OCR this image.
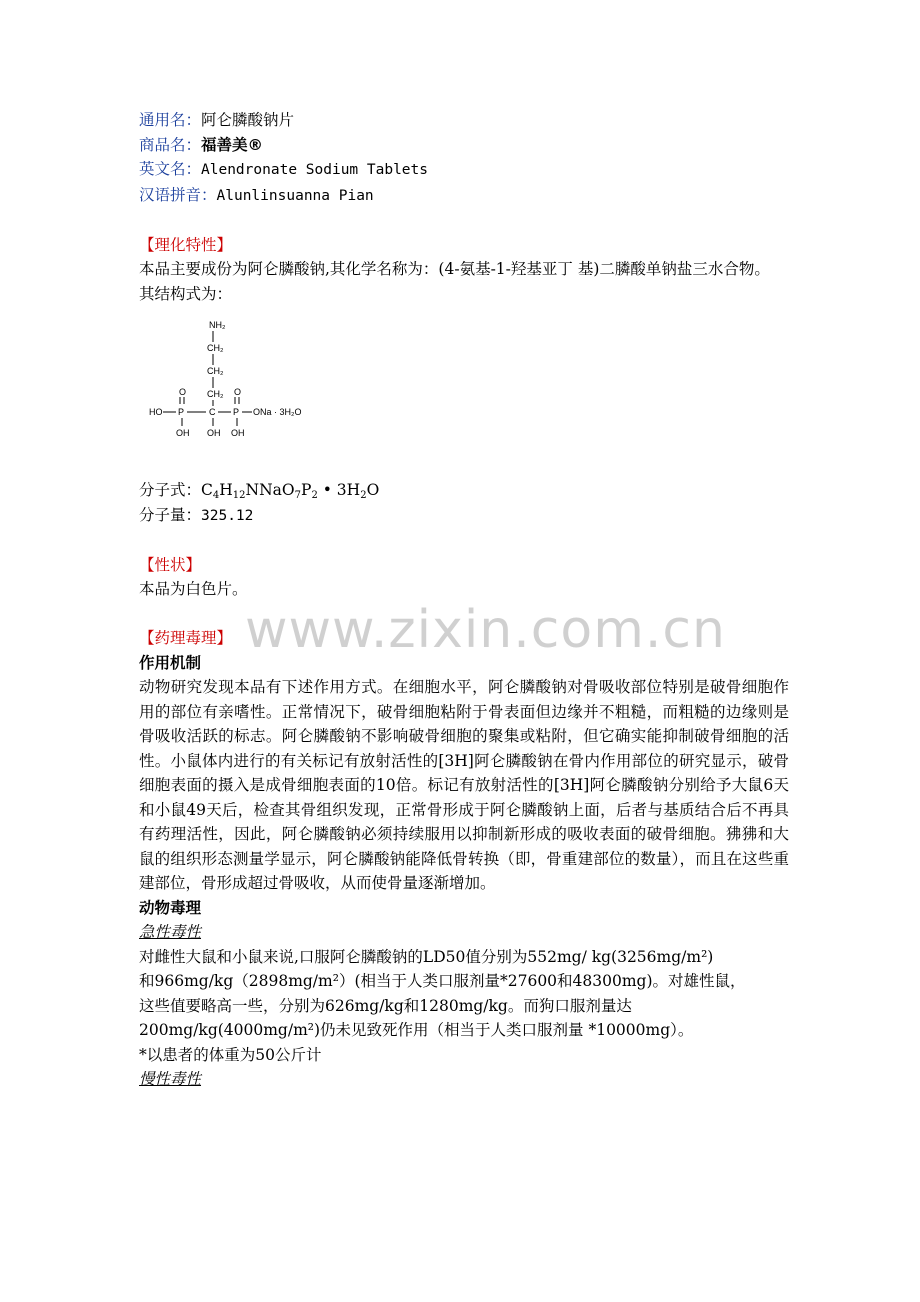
www.zixin.com.cn
通用名：阿仑膦酸钠片
商品名：福善美®
英文名：Alendronate Sodium Tablets
汉语拼音：Alunlinsuanna Pian
【理化特性】
本品主要成份为阿仑膦酸钠,其化学名称为：(4-氨基-1-羟基亚丁 基)二膦酸单钠盐三水合物。
其结构式为：
NH₂
CH₂
CH₂
CH₂
O	O
HO P	C P ONa · 3H₂O
OH OH OH
分子式：$C_4H_{12}NNaO_7P_2$ • $3H_2O$
分子量：325.12
【性状】
本品为白色片。
【药理毒理】
作用机制
动物研究发现本品有下述作用方式。在细胞水平，阿仑膦酸钠对骨吸收部位特别是破骨细胞作用的部位有亲嗜性。正常情况下，破骨细胞粘附于骨表面但边缘并不粗糙，而粗糙的边缘则是骨吸收活跃的标志。阿仑膦酸钠不影响破骨细胞的聚集或粘附，但它确实能抑制破骨细胞的活性。小鼠体内进行的有关标记有放射活性的[3H]阿仑膦酸钠在骨内作用部位的研究显示，破骨细胞表面的摄入是成骨细胞表面的10倍。标记有放射活性的[3H]阿仑膦酸钠分别给予大鼠6天和小鼠49天后，检查其骨组织发现，正常骨形成于阿仑膦酸钠上面，后者与基质结合后不再具有药理活性，因此，阿仑膦酸钠必须持续服用以抑制新形成的吸收表面的破骨细胞。狒狒和大鼠的组织形态测量学显示，阿仑膦酸钠能降低骨转换（即，骨重建部位的数量），而且在这些重建部位，骨形成超过骨吸收，从而使骨量逐渐增加。
动物毒理
急性毒性
对雌性大鼠和小鼠来说,口服阿仑膦酸钠的LD50值分别为552mg/ kg(3256mg/m²)
和966mg/kg（2898mg/m²）(相当于人类口服剂量*27600和48300mg)。对雄性鼠，
这些值要略高一些，分别为626mg/kg和1280mg/kg。而狗口服剂量达
200mg/kg(4000mg/m²)仍未见致死作用（相当于人类口服剂量 *10000mg）。
*以患者的体重为50公斤计
慢性毒性
